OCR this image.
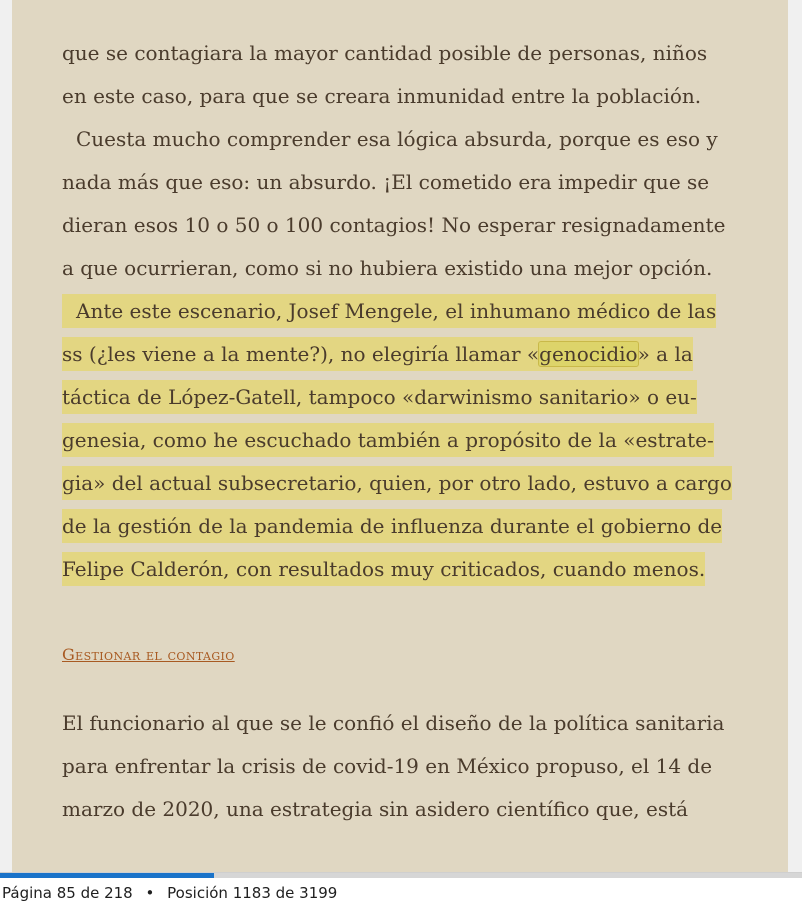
que se contagiara la mayor cantidad posible de personas, niños
en este caso, para que se creara inmunidad entre la población.
Cuesta mucho comprender esa lógica absurda, porque es eso y
nada más que eso: un absurdo. ¡El cometido era impedir que se
dieran esos 10 o 50 o 100 contagios! No esperar resignadamente
a que ocurrieran, como si no hubiera existido una mejor opción.
Ante este escenario, Josef Mengele, el inhumano médico de las
ss (¿les viene a la mente?), no elegiría llamar «genocidio» a la
táctica de López-Gatell, tampoco «darwinismo sanitario» o eu-
genesia, como he escuchado también a propósito de la «estrate-
gia» del actual subsecretario, quien, por otro lado, estuvo a cargo
de la gestión de la pandemia de influenza durante el gobierno de
Felipe Calderón, con resultados muy criticados, cuando menos.
El funcionario al que se le confió el diseño de la política sanitaria
para enfrentar la crisis de covid-19 en México propuso, el 14 de
marzo de 2020, una estrategia sin asidero científico que, está
Gestionar el contagio
Página 85 de 218 • Posición 1183 de 3199
